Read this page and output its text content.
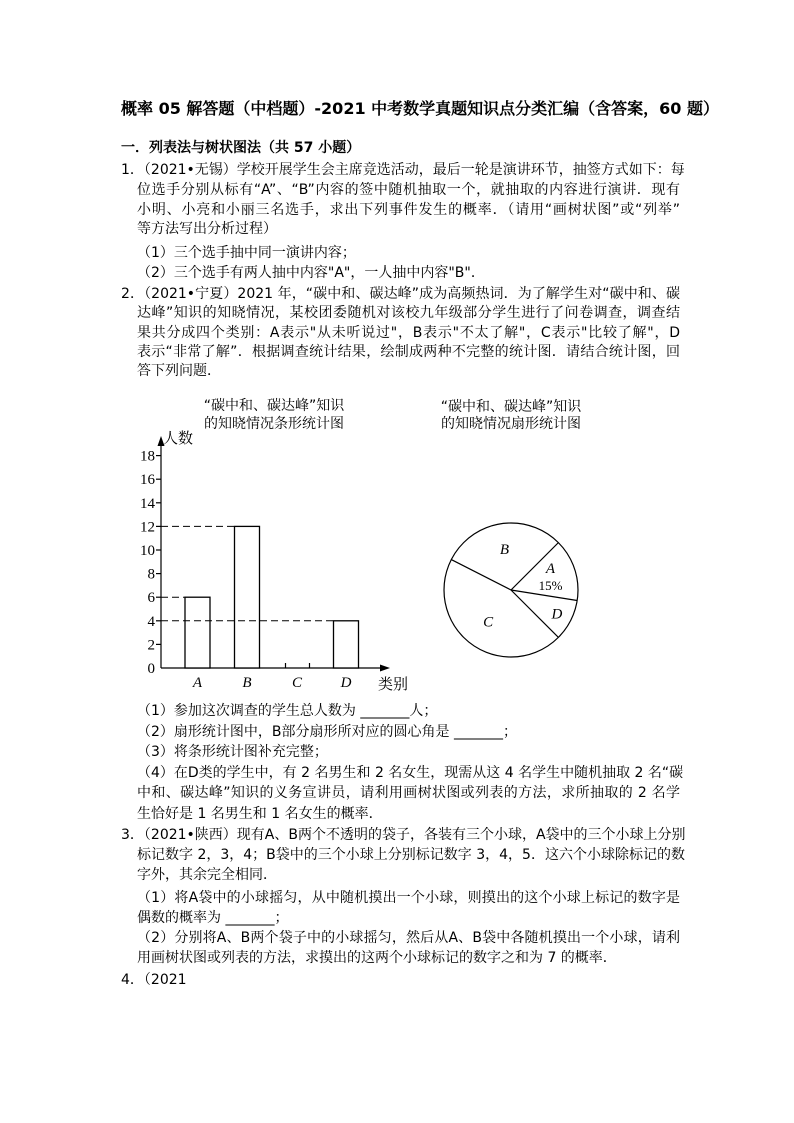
概率 05 解答题（中档题）-2021 中考数学真题知识点分类汇编（含答案，60 题）
一．列表法与树状图法（共 57 小题）
1．（2021•无锡）学校开展学生会主席竞选活动，最后一轮是演讲环节，抽签方式如下：每
位选手分别从标有“A”、“B”内容的签中随机抽取一个，就抽取的内容进行演讲．现有
小明、小亮和小丽三名选手，求出下列事件发生的概率．（请用“画树状图”或“列举”
等方法写出分析过程）
（1）三个选手抽中同一演讲内容；
（2）三个选手有两人抽中内容"A"，一人抽中内容"B"．
2．（2021•宁夏）2021 年，“碳中和、碳达峰”成为高频热词．为了解学生对“碳中和、碳
达峰”知识的知晓情况，某校团委随机对该校九年级部分学生进行了问卷调查，调查结
果共分成四个类别：A表示"从未听说过"，B表示"不太了解"，C表示"比较了解"，D
表示“非常了解”．根据调查统计结果，绘制成两种不完整的统计图．请结合统计图，回
答下列问题．
“碳中和、碳达峰”知识
的知晓情况条形统计图
人数
类别
0
2
4
6
8
10
12
14
16
18
A	B	C	D
“碳中和、碳达峰”知识
的知晓情况扇形统计图
A
15%
B
C
D
（1）参加这次调查的学生总人数为 _______人；
（2）扇形统计图中，B部分扇形所对应的圆心角是 _______；
（3）将条形统计图补充完整；
（4）在D类的学生中，有 2 名男生和 2 名女生，现需从这 4 名学生中随机抽取 2 名“碳
中和、碳达峰”知识的义务宣讲员，请利用画树状图或列表的方法，求所抽取的 2 名学
生恰好是 1 名男生和 1 名女生的概率．
3．（2021•陕西）现有A、B两个不透明的袋子，各装有三个小球，A袋中的三个小球上分别
标记数字 2，3，4；B袋中的三个小球上分别标记数字 3，4，5．这六个小球除标记的数
字外，其余完全相同．
（1）将A袋中的小球摇匀，从中随机摸出一个小球，则摸出的这个小球上标记的数字是
偶数的概率为 _______；
（2）分别将A、B两个袋子中的小球摇匀，然后从A、B袋中各随机摸出一个小球，请利
用画树状图或列表的方法，求摸出的这两个小球标记的数字之和为 7 的概率．
4．（2021
